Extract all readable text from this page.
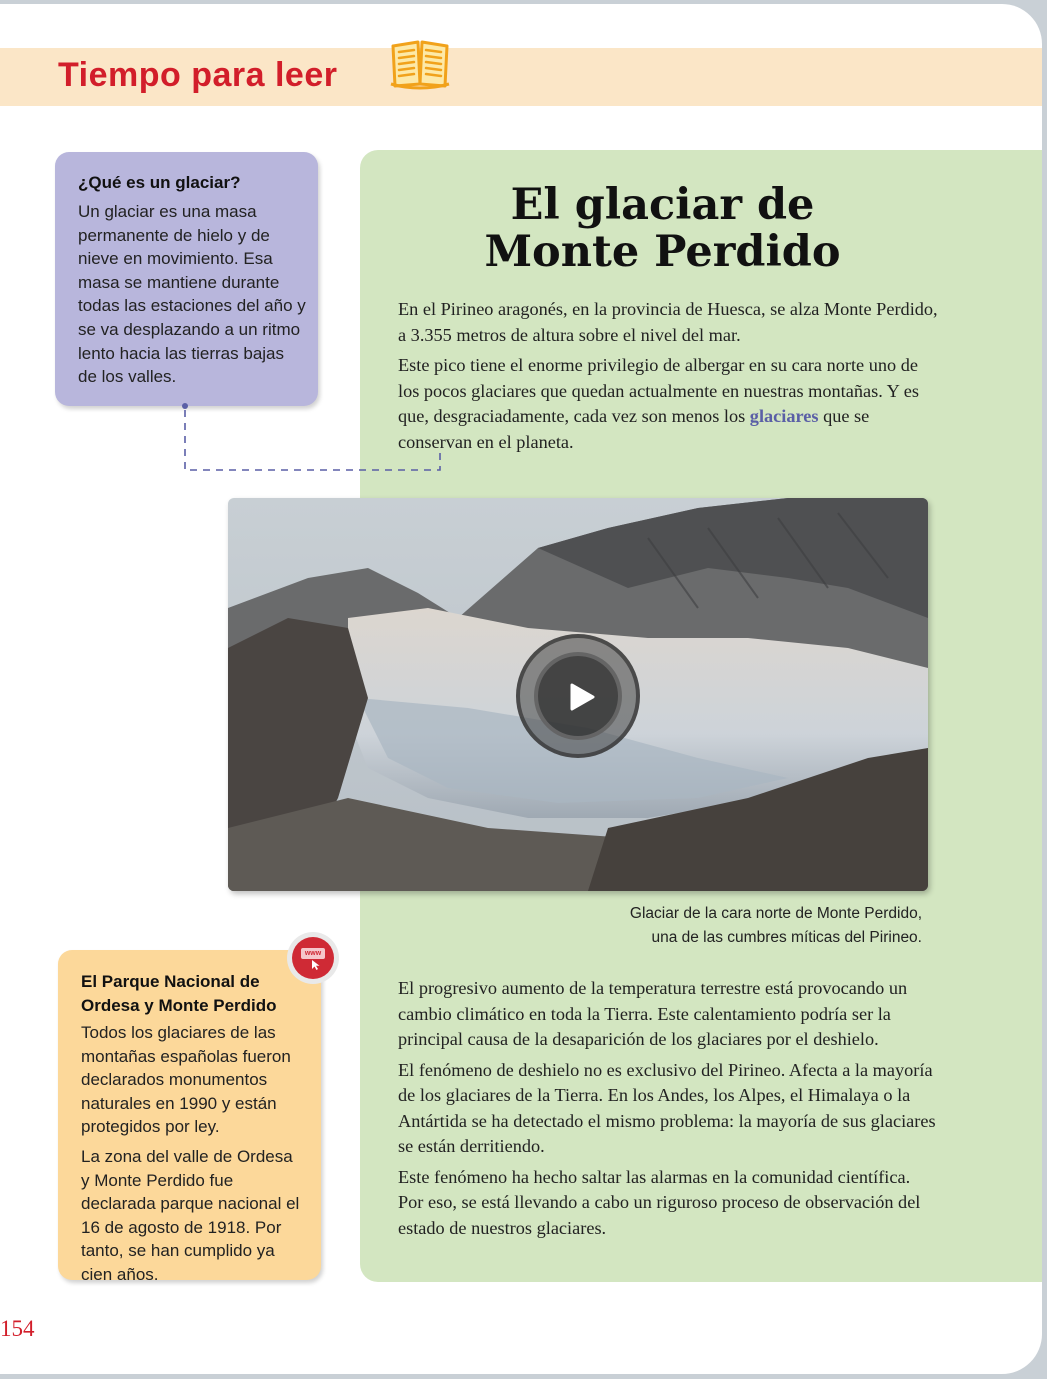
Tiempo para leer
El glaciar de
Monte Perdido

En el Pirineo aragonés, en la provincia de Huesca, se alza Monte Perdido, a 3.355 metros de altura sobre el nivel del mar.

Este pico tiene el enorme privilegio de albergar en su cara norte uno de los pocos glaciares que quedan actualmente en nuestras montañas. Y es que, desgraciadamente, cada vez son menos los glaciares que se conservan en el planeta.

¿Qué es un glaciar?
Un glaciar es una masa permanente de hielo y de nieve en movimiento. Esa masa se mantiene durante todas las estaciones del año y se va desplazando a un ritmo lento hacia las tierras bajas de los valles.
Glaciar de la cara norte de Monte Perdido,
una de las cumbres míticas del Pirineo.
El Parque Nacional de Ordesa y Monte Perdido
Todos los glaciares de las montañas españolas fueron declarados monumentos naturales en 1990 y están protegidos por ley.
La zona del valle de Ordesa y Monte Perdido fue declarada parque nacional el 16 de agosto de 1918. Por tanto, se han cumplido ya cien años.
www

El progresivo aumento de la temperatura terrestre está provocando un cambio climático en toda la Tierra. Este calentamiento podría ser la principal causa de la desaparición de los glaciares por el deshielo.

El fenómeno de deshielo no es exclusivo del Pirineo. Afecta a la mayoría de los glaciares de la Tierra. En los Andes, los Alpes, el Himalaya o la Antártida se ha detectado el mismo problema: la mayoría de sus glaciares se están derritiendo.

Este fenómeno ha hecho saltar las alarmas en la comunidad científica. Por eso, se está llevando a cabo un riguroso proceso de observación del estado de nuestros glaciares.

154
